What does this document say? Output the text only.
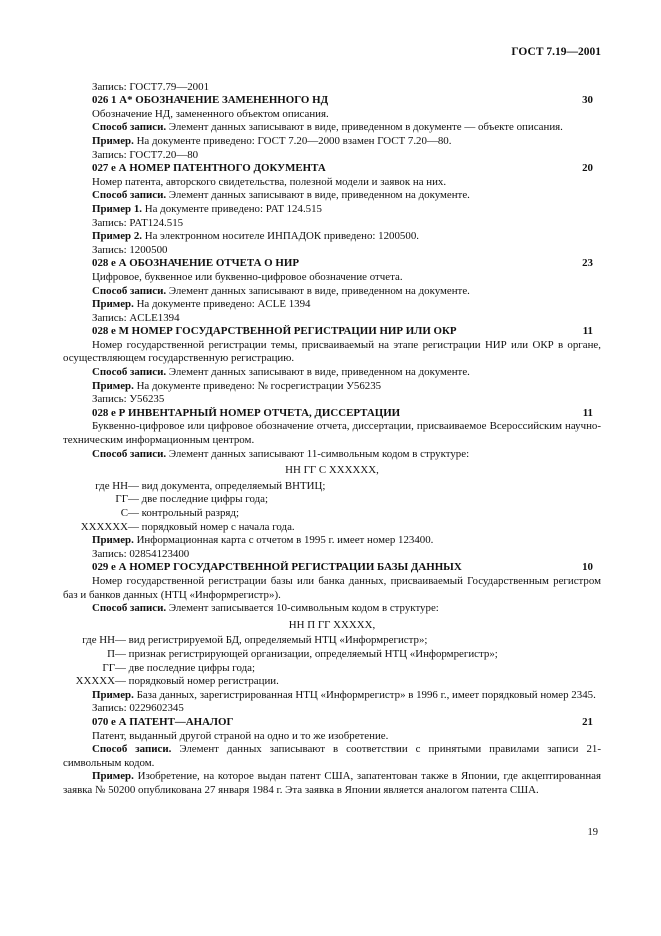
ГОСТ 7.19—2001

Запись: ГОСТ7.79—2001

026 1 А* ОБОЗНАЧЕНИЕ ЗАМЕНЕННОГО НД	30

Обозначение НД, замененного объектом описания.

Способ записи. Элемент данных записывают в виде, приведенном в документе — объекте описания.

Пример. На документе приведено: ГОСТ 7.20—2000 взамен ГОСТ 7.20—80.

Запись: ГОСТ7.20—80

027 е А НОМЕР ПАТЕНТНОГО ДОКУМЕНТА	20

Номер патента, авторского свидетельства, полезной модели и заявок на них.

Способ записи. Элемент данных записывают в виде, приведенном на документе.

Пример 1. На документе приведено: PAT 124.515

Запись: PAT124.515

Пример 2. На электронном носителе ИНПАДОК приведено: 1200500.

Запись: 1200500

028 е А ОБОЗНАЧЕНИЕ ОТЧЕТА О НИР	23

Цифровое, буквенное или буквенно-цифровое обозначение отчета.

Способ записи. Элемент данных записывают в виде, приведенном на документе.

Пример. На документе приведено: ACLE 1394

Запись: ACLE1394

028 е М НОМЕР ГОСУДАРСТВЕННОЙ РЕГИСТРАЦИИ НИР ИЛИ ОКР	11

Номер государственной регистрации темы, присваиваемый на этапе регистрации НИР или ОКР в органе, осуществляющем государственную регистрацию.

Способ записи. Элемент данных записывают в виде, приведенном на документе.

Пример. На документе приведено: № госрегистрации У56235

Запись: У56235

028 е Р ИНВЕНТАРНЫЙ НОМЕР ОТЧЕТА, ДИССЕРТАЦИИ	11

Буквенно-цифровое или цифровое обозначение отчета, диссертации, присваиваемое Всероссийским научно-техническим информационным центром.

Способ записи. Элемент данных записывают 11-символьным кодом в структуре:

НН ГГ С ХХХХХХ,

где НН — вид документа, определяемый ВНТИЦ;
ГГ — две последние цифры года;
С — контрольный разряд;
ХХХХХХ — порядковый номер с начала года.

Пример. Информационная карта с отчетом в 1995 г. имеет номер 123400.

Запись: 02854123400

029 е А НОМЕР ГОСУДАРСТВЕННОЙ РЕГИСТРАЦИИ БАЗЫ ДАННЫХ	10

Номер государственной регистрации базы или банка данных, присваиваемый Государственным регистром баз и банков данных (НТЦ «Информрегистр»).

Способ записи. Элемент записывается 10-символьным кодом в структуре:

НН П ГГ ХХХХХ,

где НН — вид регистрируемой БД, определяемый НТЦ «Информрегистр»;
П — признак регистрирующей организации, определяемый НТЦ «Информрегистр»;
ГГ — две последние цифры года;
ХХХХХ — порядковый номер регистрации.

Пример. База данных, зарегистрированная НТЦ «Информрегистр» в 1996 г., имеет порядковый номер 2345.

Запись: 0229602345

070 е А ПАТЕНТ—АНАЛОГ	21

Патент, выданный другой страной на одно и то же изобретение.

Способ записи. Элемент данных записывают в соответствии с принятыми правилами записи 21-символьным кодом.

Пример. Изобретение, на которое выдан патент США, запатентован также в Японии, где акцептированная заявка № 50200 опубликована 27 января 1984 г. Эта заявка в Японии является аналогом патента США.

19
